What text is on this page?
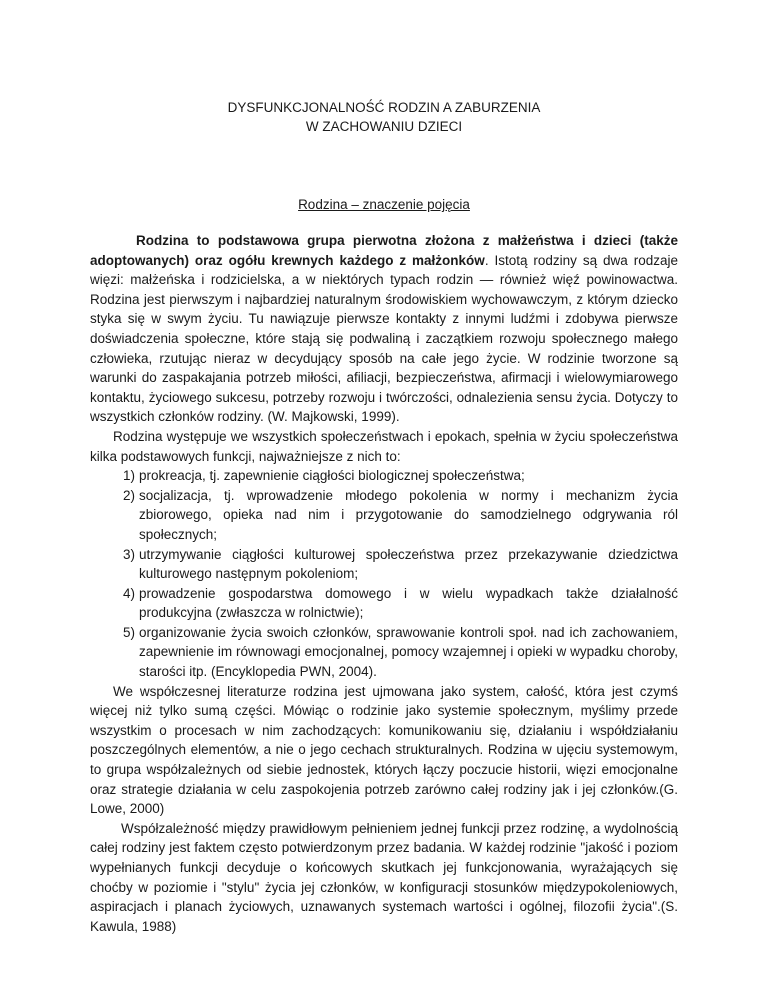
DYSFUNKCJONALNOŚĆ RODZIN A ZABURZENIA
W ZACHOWANIU DZIECI
Rodzina – znaczenie pojęcia

Rodzina to podstawowa grupa pierwotna złożona z małżeństwa i dzieci (także adoptowanych) oraz ogółu krewnych każdego z małżonków. Istotą rodziny są dwa rodzaje więzi: małżeńska i rodzicielska, a w niektórych typach rodzin — również więź powinowactwa. Rodzina jest pierwszym i najbardziej naturalnym środowiskiem wychowawczym, z którym dziecko styka się w swym życiu. Tu nawiązuje pierwsze kontakty z innymi ludźmi i zdobywa pierwsze doświadczenia społeczne, które stają się podwaliną i zaczątkiem rozwoju społecznego małego człowieka, rzutując nieraz w decydujący sposób na całe jego życie. W rodzinie tworzone są warunki do zaspakajania potrzeb miłości, afiliacji, bezpieczeństwa, afirmacji i wielowymiarowego kontaktu, życiowego sukcesu, potrzeby rozwoju i twórczości, odnalezienia sensu życia. Dotyczy to wszystkich członków rodziny. (W. Majkowski, 1999).

Rodzina występuje we wszystkich społeczeństwach i epokach, spełnia w życiu społeczeństwa kilka podstawowych funkcji, najważniejsze z nich to:

1) prokreacja, tj. zapewnienie ciągłości biologicznej społeczeństwa;
2) socjalizacja, tj. wprowadzenie młodego pokolenia w normy i mechanizm życia zbiorowego, opieka nad nim i przygotowanie do samodzielnego odgrywania ról społecznych;
3) utrzymywanie ciągłości kulturowej społeczeństwa przez przekazywanie dziedzictwa kulturowego następnym pokoleniom;
4) prowadzenie gospodarstwa domowego i w wielu wypadkach także działalność produkcyjna (zwłaszcza w rolnictwie);
5) organizowanie życia swoich członków, sprawowanie kontroli społ. nad ich zachowaniem, zapewnienie im równowagi emocjonalnej, pomocy wzajemnej i opieki w wypadku choroby, starości itp. (Encyklopedia PWN, 2004).

We współczesnej literaturze rodzina jest ujmowana jako system, całość, która jest czymś więcej niż tylko sumą części. Mówiąc o rodzinie jako systemie społecznym, myślimy przede wszystkim o procesach w nim zachodzących: komunikowaniu się, działaniu i współdziałaniu poszczególnych elementów, a nie o jego cechach strukturalnych. Rodzina w ujęciu systemowym, to grupa współzależnych od siebie jednostek, których łączy poczucie historii, więzi emocjonalne oraz strategie działania w celu zaspokojenia potrzeb zarówno całej rodziny jak i jej członków.(G. Lowe, 2000)

Współzależność między prawidłowym pełnieniem jednej funkcji przez rodzinę, a wydolnością całej rodziny jest faktem często potwierdzonym przez badania. W każdej rodzinie "jakość i poziom wypełnianych funkcji decyduje o końcowych skutkach jej funkcjonowania, wyrażających się choćby w poziomie i "stylu" życia jej członków, w konfiguracji stosunków międzypokoleniowych, aspiracjach i planach życiowych, uznawanych systemach wartości i ogólnej, filozofii życia".(S. Kawula, 1988)
